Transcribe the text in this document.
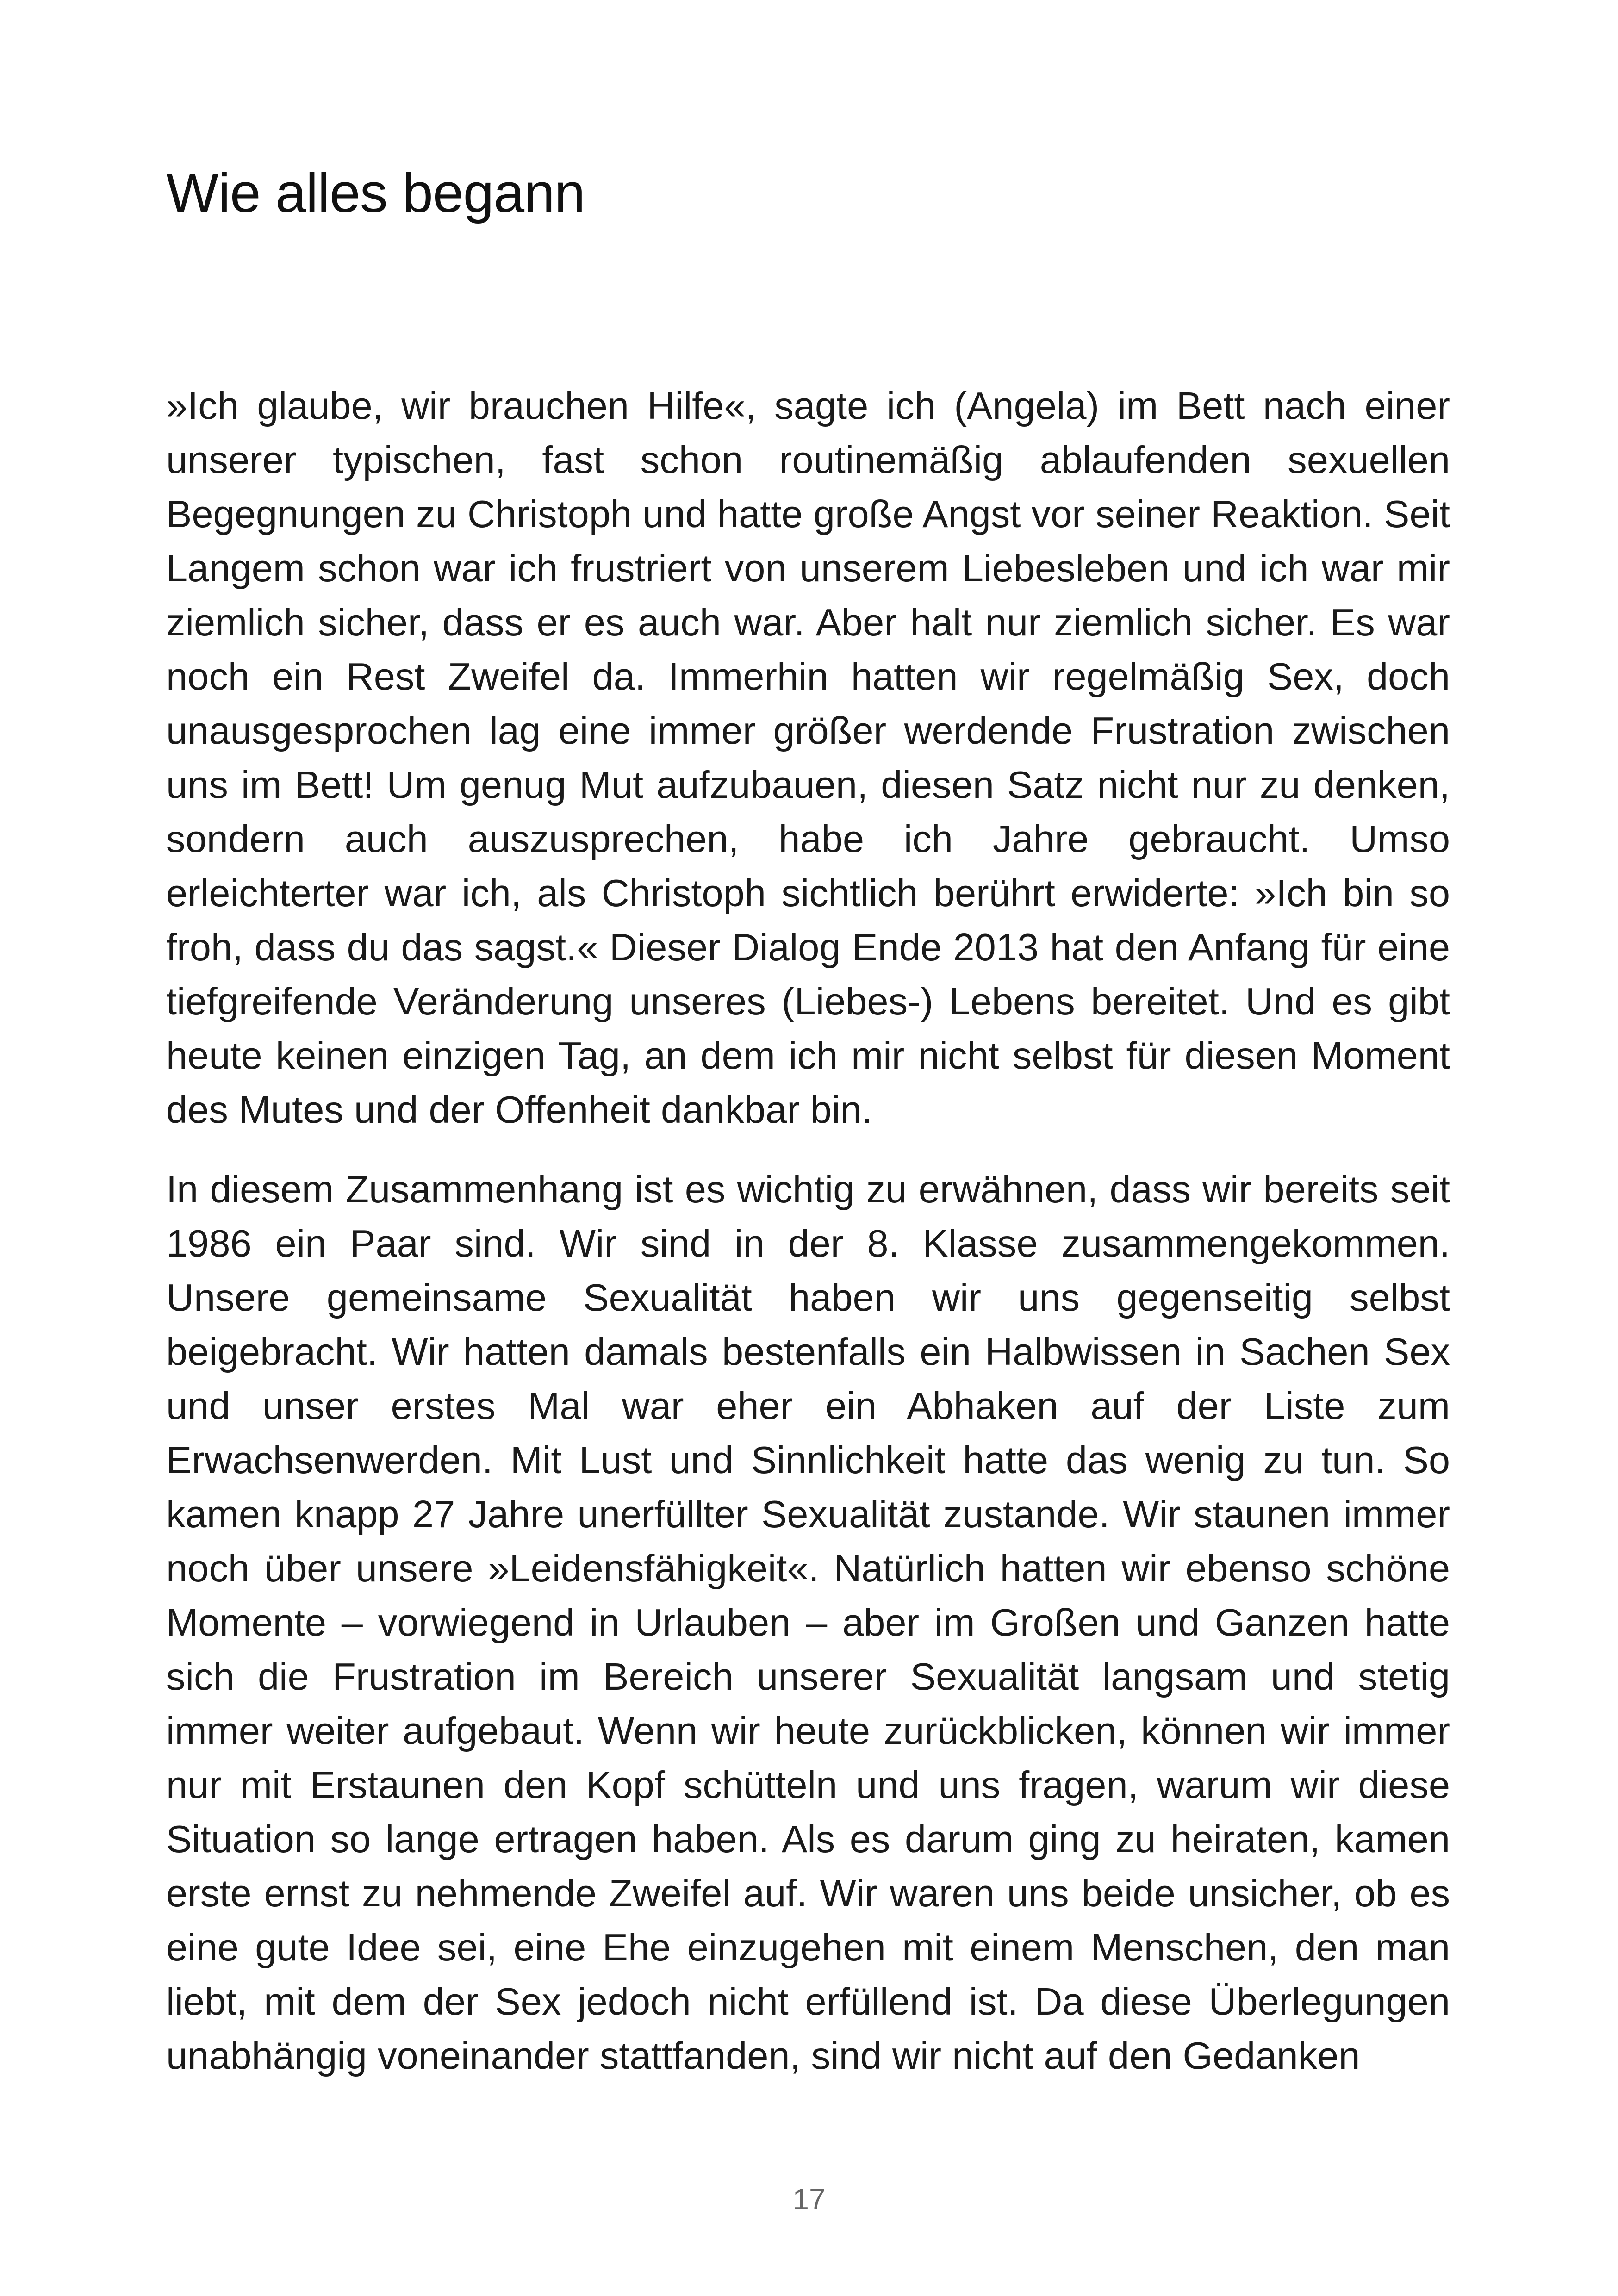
Wie alles begann

»Ich glaube, wir brauchen Hilfe«, sagte ich (Angela) im Bett nach einer unserer typischen, fast schon routinemäßig ablaufenden sexuellen Begegnungen zu Christoph und hatte große Angst vor seiner Reaktion. Seit Langem schon war ich frustriert von unserem Liebesleben und ich war mir ziemlich sicher, dass er es auch war. Aber halt nur ziemlich sicher. Es war noch ein Rest Zweifel da. Immerhin hatten wir regelmäßig Sex, doch unausgesprochen lag eine immer größer werdende Frustration zwischen uns im Bett! Um genug Mut aufzubauen, diesen Satz nicht nur zu denken, sondern auch auszusprechen, habe ich Jahre gebraucht. Umso erleichterter war ich, als Christoph sichtlich berührt erwiderte: »Ich bin so froh, dass du das sagst.« Dieser Dialog Ende 2013 hat den Anfang für eine tiefgreifende Veränderung unseres (Liebes-) Lebens bereitet. Und es gibt heute keinen einzigen Tag, an dem ich mir nicht selbst für diesen Moment des Mutes und der Offenheit dankbar bin.

In diesem Zusammenhang ist es wichtig zu erwähnen, dass wir bereits seit 1986 ein Paar sind. Wir sind in der 8. Klasse zusammengekommen. Unsere gemeinsame Sexualität haben wir uns gegenseitig selbst beigebracht. Wir hatten damals bestenfalls ein Halbwissen in Sachen Sex und unser erstes Mal war eher ein Abhaken auf der Liste zum Erwachsenwerden. Mit Lust und Sinnlichkeit hatte das wenig zu tun. So kamen knapp 27 Jahre unerfüllter Sexualität zustande. Wir staunen immer noch über unsere »Leidensfähigkeit«. Natürlich hatten wir ebenso schöne Momente – vorwiegend in Urlauben – aber im Großen und Ganzen hatte sich die Frustration im Bereich unserer Sexualität langsam und stetig immer weiter aufgebaut. Wenn wir heute zurückblicken, können wir immer nur mit Erstaunen den Kopf schütteln und uns fragen, warum wir diese Situation so lange ertragen haben. Als es darum ging zu heiraten, kamen erste ernst zu nehmende Zweifel auf. Wir waren uns beide unsicher, ob es eine gute Idee sei, eine Ehe einzugehen mit einem Menschen, den man liebt, mit dem der Sex jedoch nicht erfüllend ist. Da diese Überlegungen unabhängig voneinander stattfanden, sind wir nicht auf den Gedanken

17
